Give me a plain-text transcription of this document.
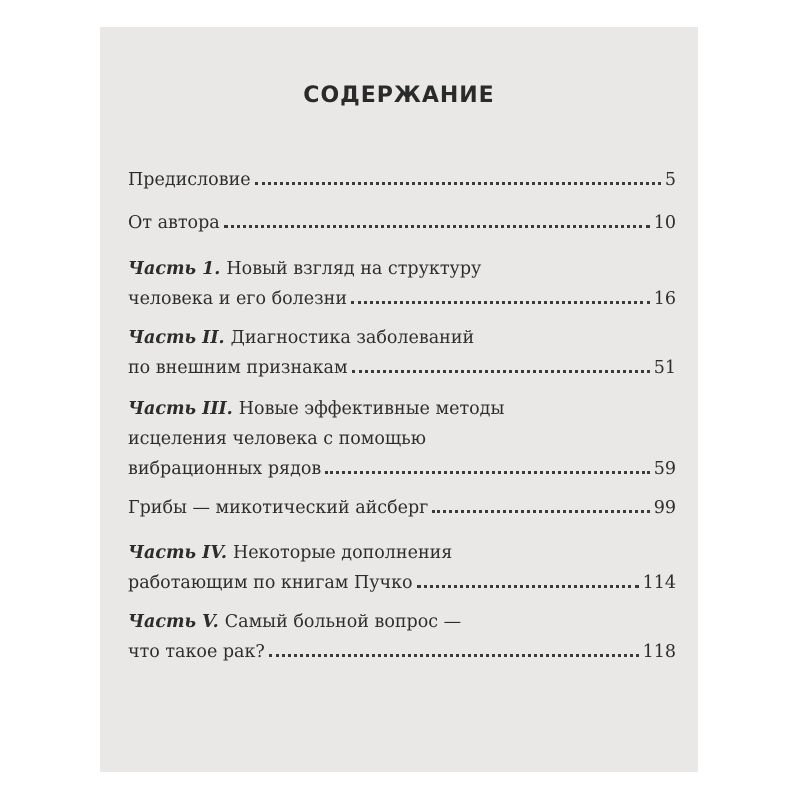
СОДЕРЖАНИЕ
Предисловие	5
От автора	10
Часть 1. Новый взгляд на структуру
человека и его болезни	16
Часть II. Диагностика заболеваний
по внешним признакам	51
Часть III. Новые эффективные методы
исцеления человека с помощью
вибрационных рядов	59
Грибы — микотический айсберг	99
Часть IV. Некоторые дополнения
работающим по книгам Пучко	114
Часть V. Самый больной вопрос —
что такое рак?	118
